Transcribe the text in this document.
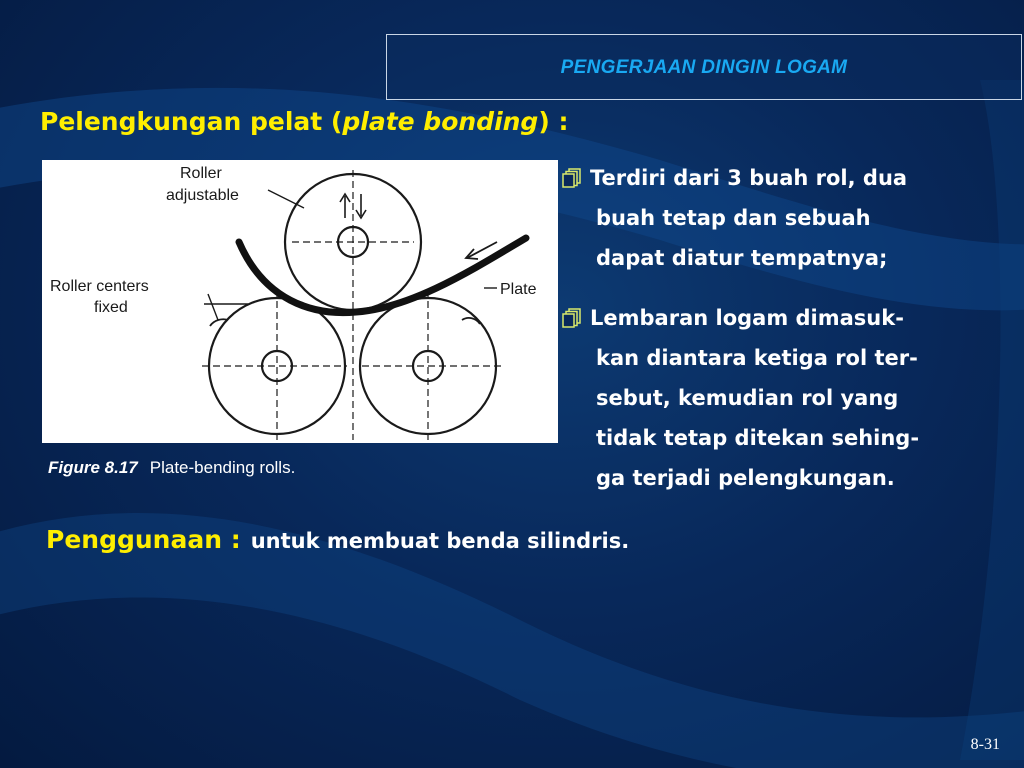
PENGERJAAN DINGIN LOGAM
Pelengkungan pelat (plate bonding) :
Roller
adjustable
Roller centers
fixed
Plate
Figure 8.17 Plate-bending rolls.
Terdiri dari 3 buah rol, dua
buah tetap dan sebuah
dapat diatur tempatnya;
Lembaran logam dimasuk-
kan diantara ketiga rol ter-
sebut, kemudian rol yang
tidak tetap ditekan sehing-
ga terjadi pelengkungan.
Penggunaan : untuk membuat benda silindris.
8-31
